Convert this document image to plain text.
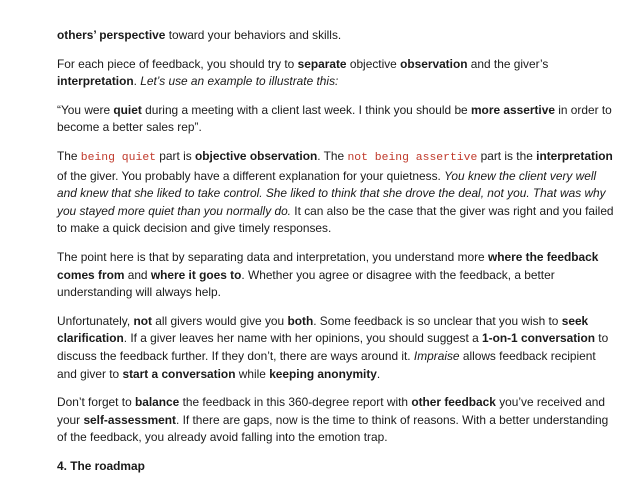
others’ perspective toward your behaviors and skills.

For each piece of feedback, you should try to separate objective observation and the giver’s interpretation. Let’s use an example to illustrate this:

“You were quiet during a meeting with a client last week. I think you should be more assertive in order to become a better sales rep”.

The being quiet part is objective observation. The not being assertive part is the interpretation of the giver. You probably have a different explanation for your quietness. You knew the client very well and knew that she liked to take control. She liked to think that she drove the deal, not you. That was why you stayed more quiet than you normally do. It can also be the case that the giver was right and you failed to make a quick decision and give timely responses.

The point here is that by separating data and interpretation, you understand more where the feedback comes from and where it goes to. Whether you agree or disagree with the feedback, a better understanding will always help.

Unfortunately, not all givers would give you both. Some feedback is so unclear that you wish to seek clarification. If a giver leaves her name with her opinions, you should suggest a 1-on-1 conversation to discuss the feedback further. If they don’t, there are ways around it. Impraise allows feedback recipient and giver to start a conversation while keeping anonymity.

Don’t forget to balance the feedback in this 360-degree report with other feedback you’ve received and your self-assessment. If there are gaps, now is the time to think of reasons. With a better understanding of the feedback, you already avoid falling into the emotion trap.

4. The roadmap
